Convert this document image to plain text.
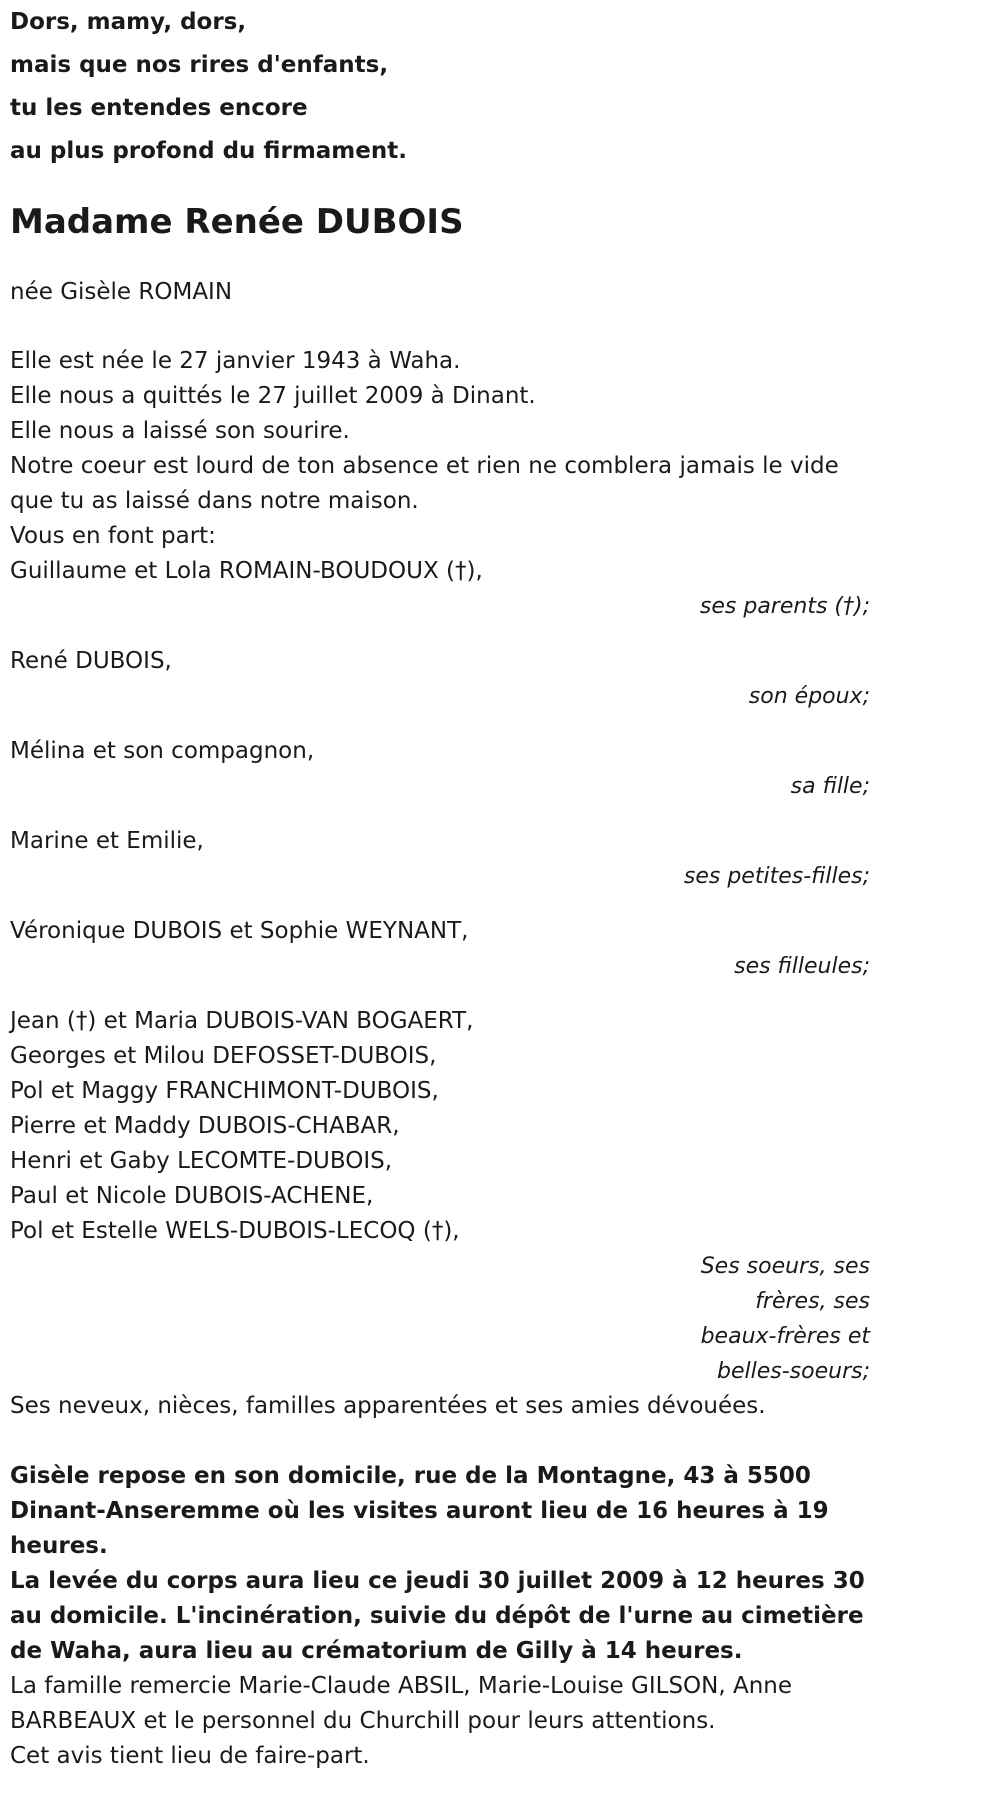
Dors, mamy, dors,

mais que nos rires d'enfants,

tu les entendes encore

au plus profond du firmament.

Madame Renée DUBOIS

née Gisèle ROMAIN

Elle est née le 27 janvier 1943 à Waha.

Elle nous a quittés le 27 juillet 2009 à Dinant.

Elle nous a laissé son sourire.

Notre coeur est lourd de ton absence et rien ne comblera jamais le vide que tu as laissé dans notre maison.

Vous en font part:

Guillaume et Lola ROMAIN-BOUDOUX (†),
ses parents (†);
René DUBOIS,
son époux;
Mélina et son compagnon,
sa fille;
Marine et Emilie,
ses petites-filles;
Véronique DUBOIS et Sophie WEYNANT,
ses filleules;
Jean (†) et Maria DUBOIS-VAN BOGAERT,
Georges et Milou DEFOSSET-DUBOIS,
Pol et Maggy FRANCHIMONT-DUBOIS,
Pierre et Maddy DUBOIS-CHABAR,
Henri et Gaby LECOMTE-DUBOIS,
Paul et Nicole DUBOIS-ACHENE,
Pol et Estelle WELS-DUBOIS-LECOQ (†),
Ses soeurs, ses frères, ses beaux-frères et belles-soeurs;

Ses neveux, nièces, familles apparentées et ses amies dévouées.

Gisèle repose en son domicile, rue de la Montagne, 43 à 5500 Dinant-Anseremme où les visites auront lieu de 16 heures à 19 heures.

La levée du corps aura lieu ce jeudi 30 juillet 2009 à 12 heures 30 au domicile. L'incinération, suivie du dépôt de l'urne au cimetière de Waha, aura lieu au crématorium de Gilly à 14 heures.

La famille remercie Marie-Claude ABSIL, Marie-Louise GILSON, Anne BARBEAUX et le personnel du Churchill pour leurs attentions.

Cet avis tient lieu de faire-part.
